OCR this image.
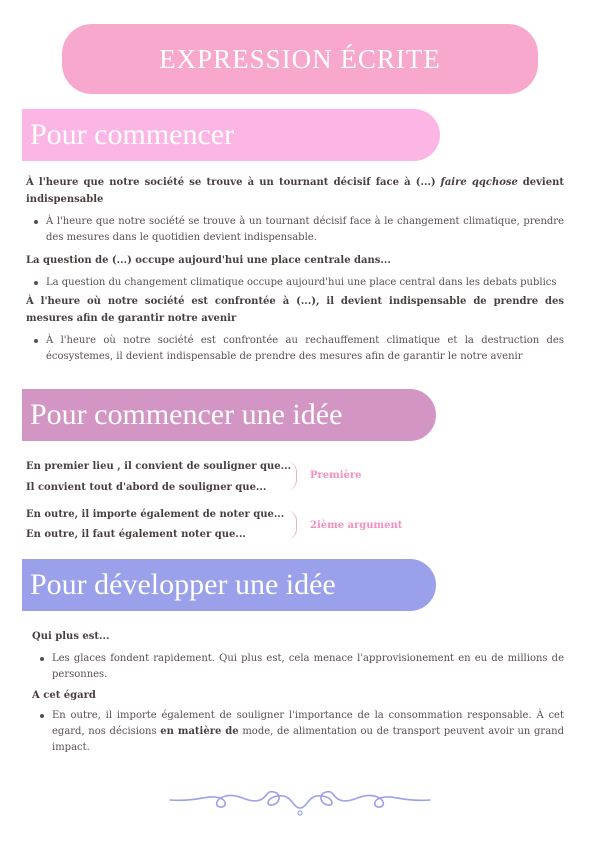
EXPRESSION ÉCRITE
Pour commencer
À l'heure que notre société se trouve à un tournant décisif face à (...) faire qqchose devient indispensable
À l'heure que notre société se trouve à un tournant décisif face à le changement climatique, prendre des mesures dans le quotidien devient indispensable.
La question de (...) occupe aujourd'hui une place centrale dans...
La question du changement climatique occupe aujourd'hui une place central dans les debats publics
À l'heure où notre société est confrontée à (...), il devient indispensable de prendre des mesures afin de garantir notre avenir
À l'heure où notre société est confrontée au rechauffement climatique et la destruction des écosystemes, il devient indispensable de prendre des mesures afin de garantir le notre avenir
Pour commencer une idée
En premier lieu , il convient de souligner que...
Il convient tout d'abord de souligner que...
Première
En outre, il importe également de noter que...
En outre, il faut également noter que...
2ième argument
Pour développer une idée
Qui plus est...
Les glaces fondent rapidement. Qui plus est, cela menace l'approvisionement en eu de millions de personnes.
A cet égard
En outre, il importe également de souligner l'importance de la consommation responsable. À cet egard, nos décisions en matière de mode, de alimentation ou de transport peuvent avoir un grand impact.
